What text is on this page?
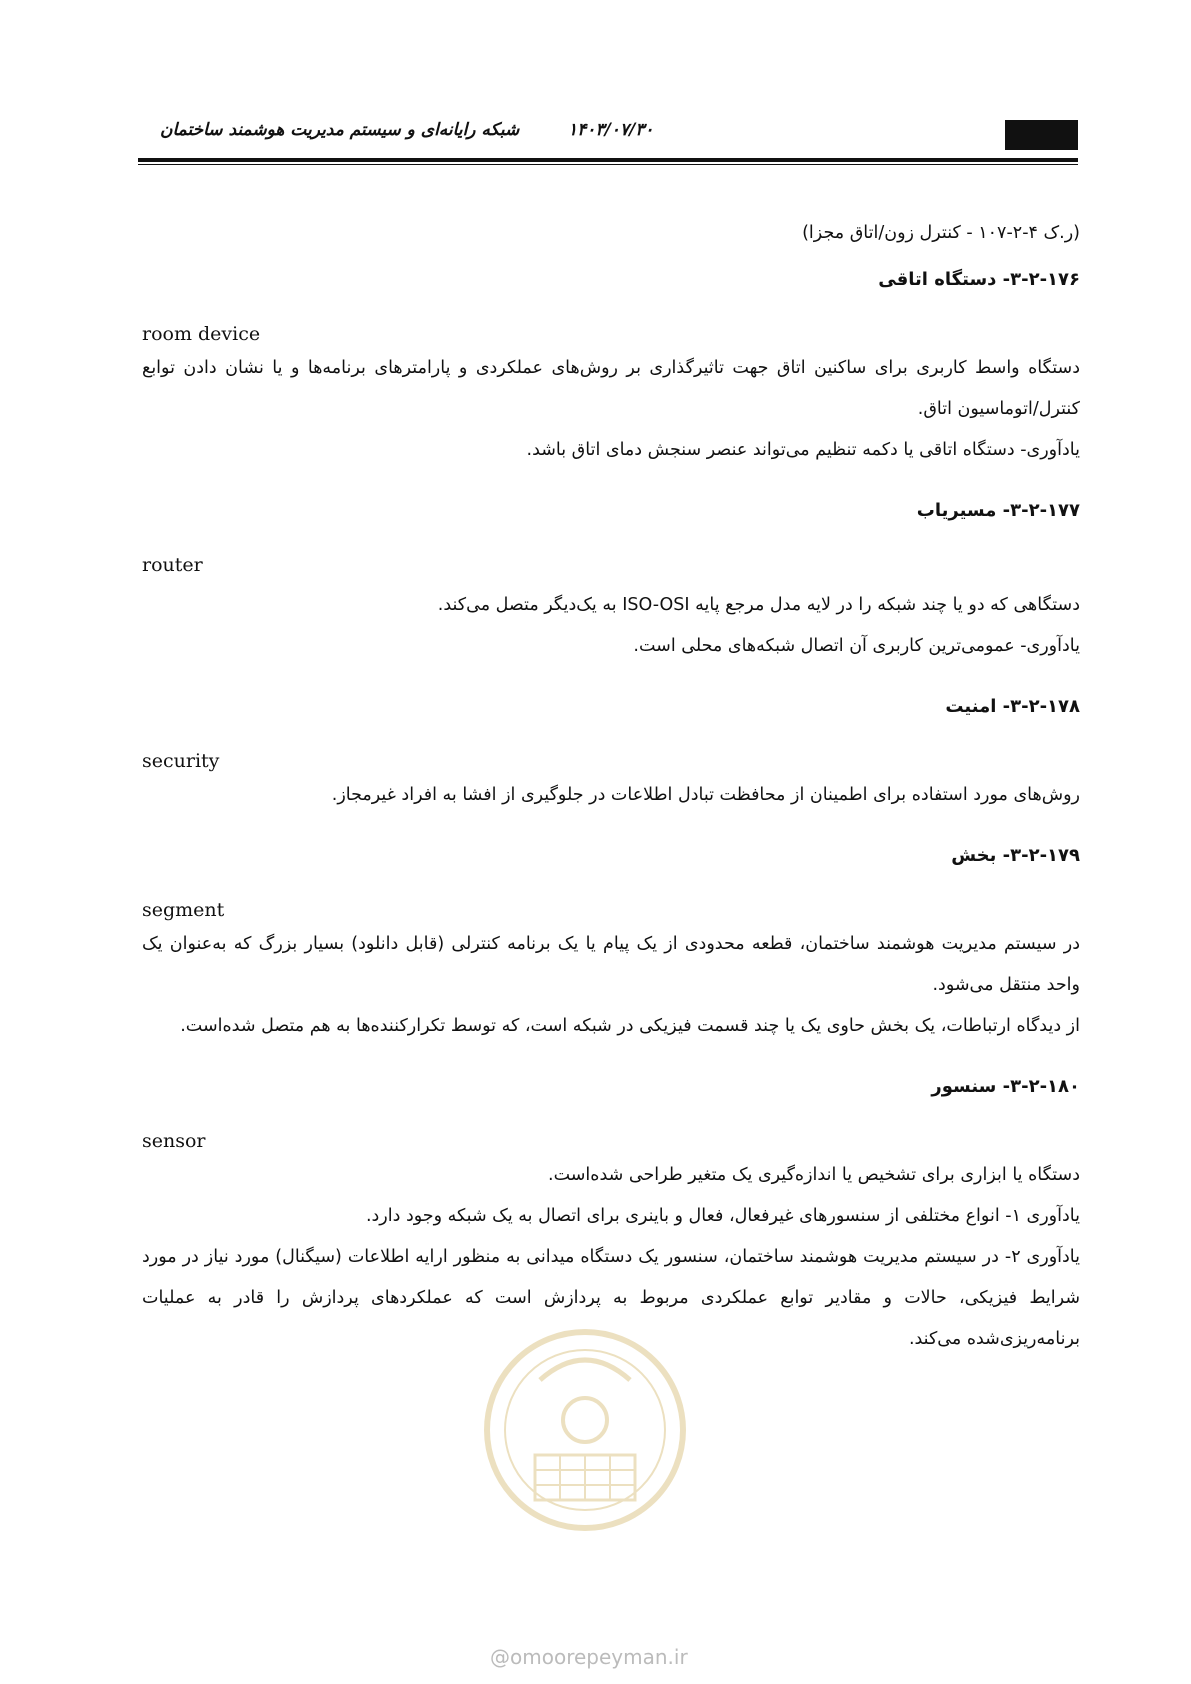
شبکه رایانه‌ای و سیستم مدیریت هوشمند ساختمان	۱۴۰۳/۰۷/۳۰

(ر.ک ۴-۲-۱۰۷ - کنترل زون/اتاق مجزا)

۳-۲-۱۷۶- دستگاه اتاقی

room device

دستگاه واسط کاربری برای ساکنین اتاق جهت تاثیرگذاری بر روش‌های عملکردی و پارامترهای برنامه‌ها و یا نشان دادن توابع کنترل/اتوماسیون اتاق.

یادآوری- دستگاه اتاقی یا دکمه تنظیم می‌تواند عنصر سنجش دمای اتاق باشد.

۳-۲-۱۷۷- مسیریاب

router

دستگاهی که دو یا چند شبکه را در لایه مدل مرجع پایه ISO-OSI به یک‌دیگر متصل می‌کند.

یادآوری- عمومی‌ترین کاربری آن اتصال شبکه‌های محلی است.

۳-۲-۱۷۸- امنیت

security

روش‌های مورد استفاده برای اطمینان از محافظت تبادل اطلاعات در جلوگیری از افشا به افراد غیرمجاز.

۳-۲-۱۷۹- بخش

segment

در سیستم مدیریت هوشمند ساختمان، قطعه محدودی از یک پیام یا یک برنامه کنترلی (قابل دانلود) بسیار بزرگ که به‌عنوان یک واحد منتقل می‌شود.

از دیدگاه ارتباطات، یک بخش حاوی یک یا چند قسمت فیزیکی در شبکه است، که توسط تکرارکننده‌ها به هم متصل شده‌است.

۳-۲-۱۸۰- سنسور

sensor

دستگاه یا ابزاری برای تشخیص یا اندازه‌گیری یک متغیر طراحی شده‌است.

یادآوری ۱- انواع مختلفی از سنسورهای غیرفعال، فعال و باینری برای اتصال به یک شبکه وجود دارد.

یادآوری ۲- در سیستم مدیریت هوشمند ساختمان، سنسور یک دستگاه میدانی به منظور ارایه اطلاعات (سیگنال) مورد نیاز در مورد شرایط فیزیکی، حالات و مقادیر توابع عملکردی مربوط به پردازش است که عملکردهای پردازش را قادر به عملیات برنامه‌ریزی‌شده می‌کند.

@omoorepeyman.ir
